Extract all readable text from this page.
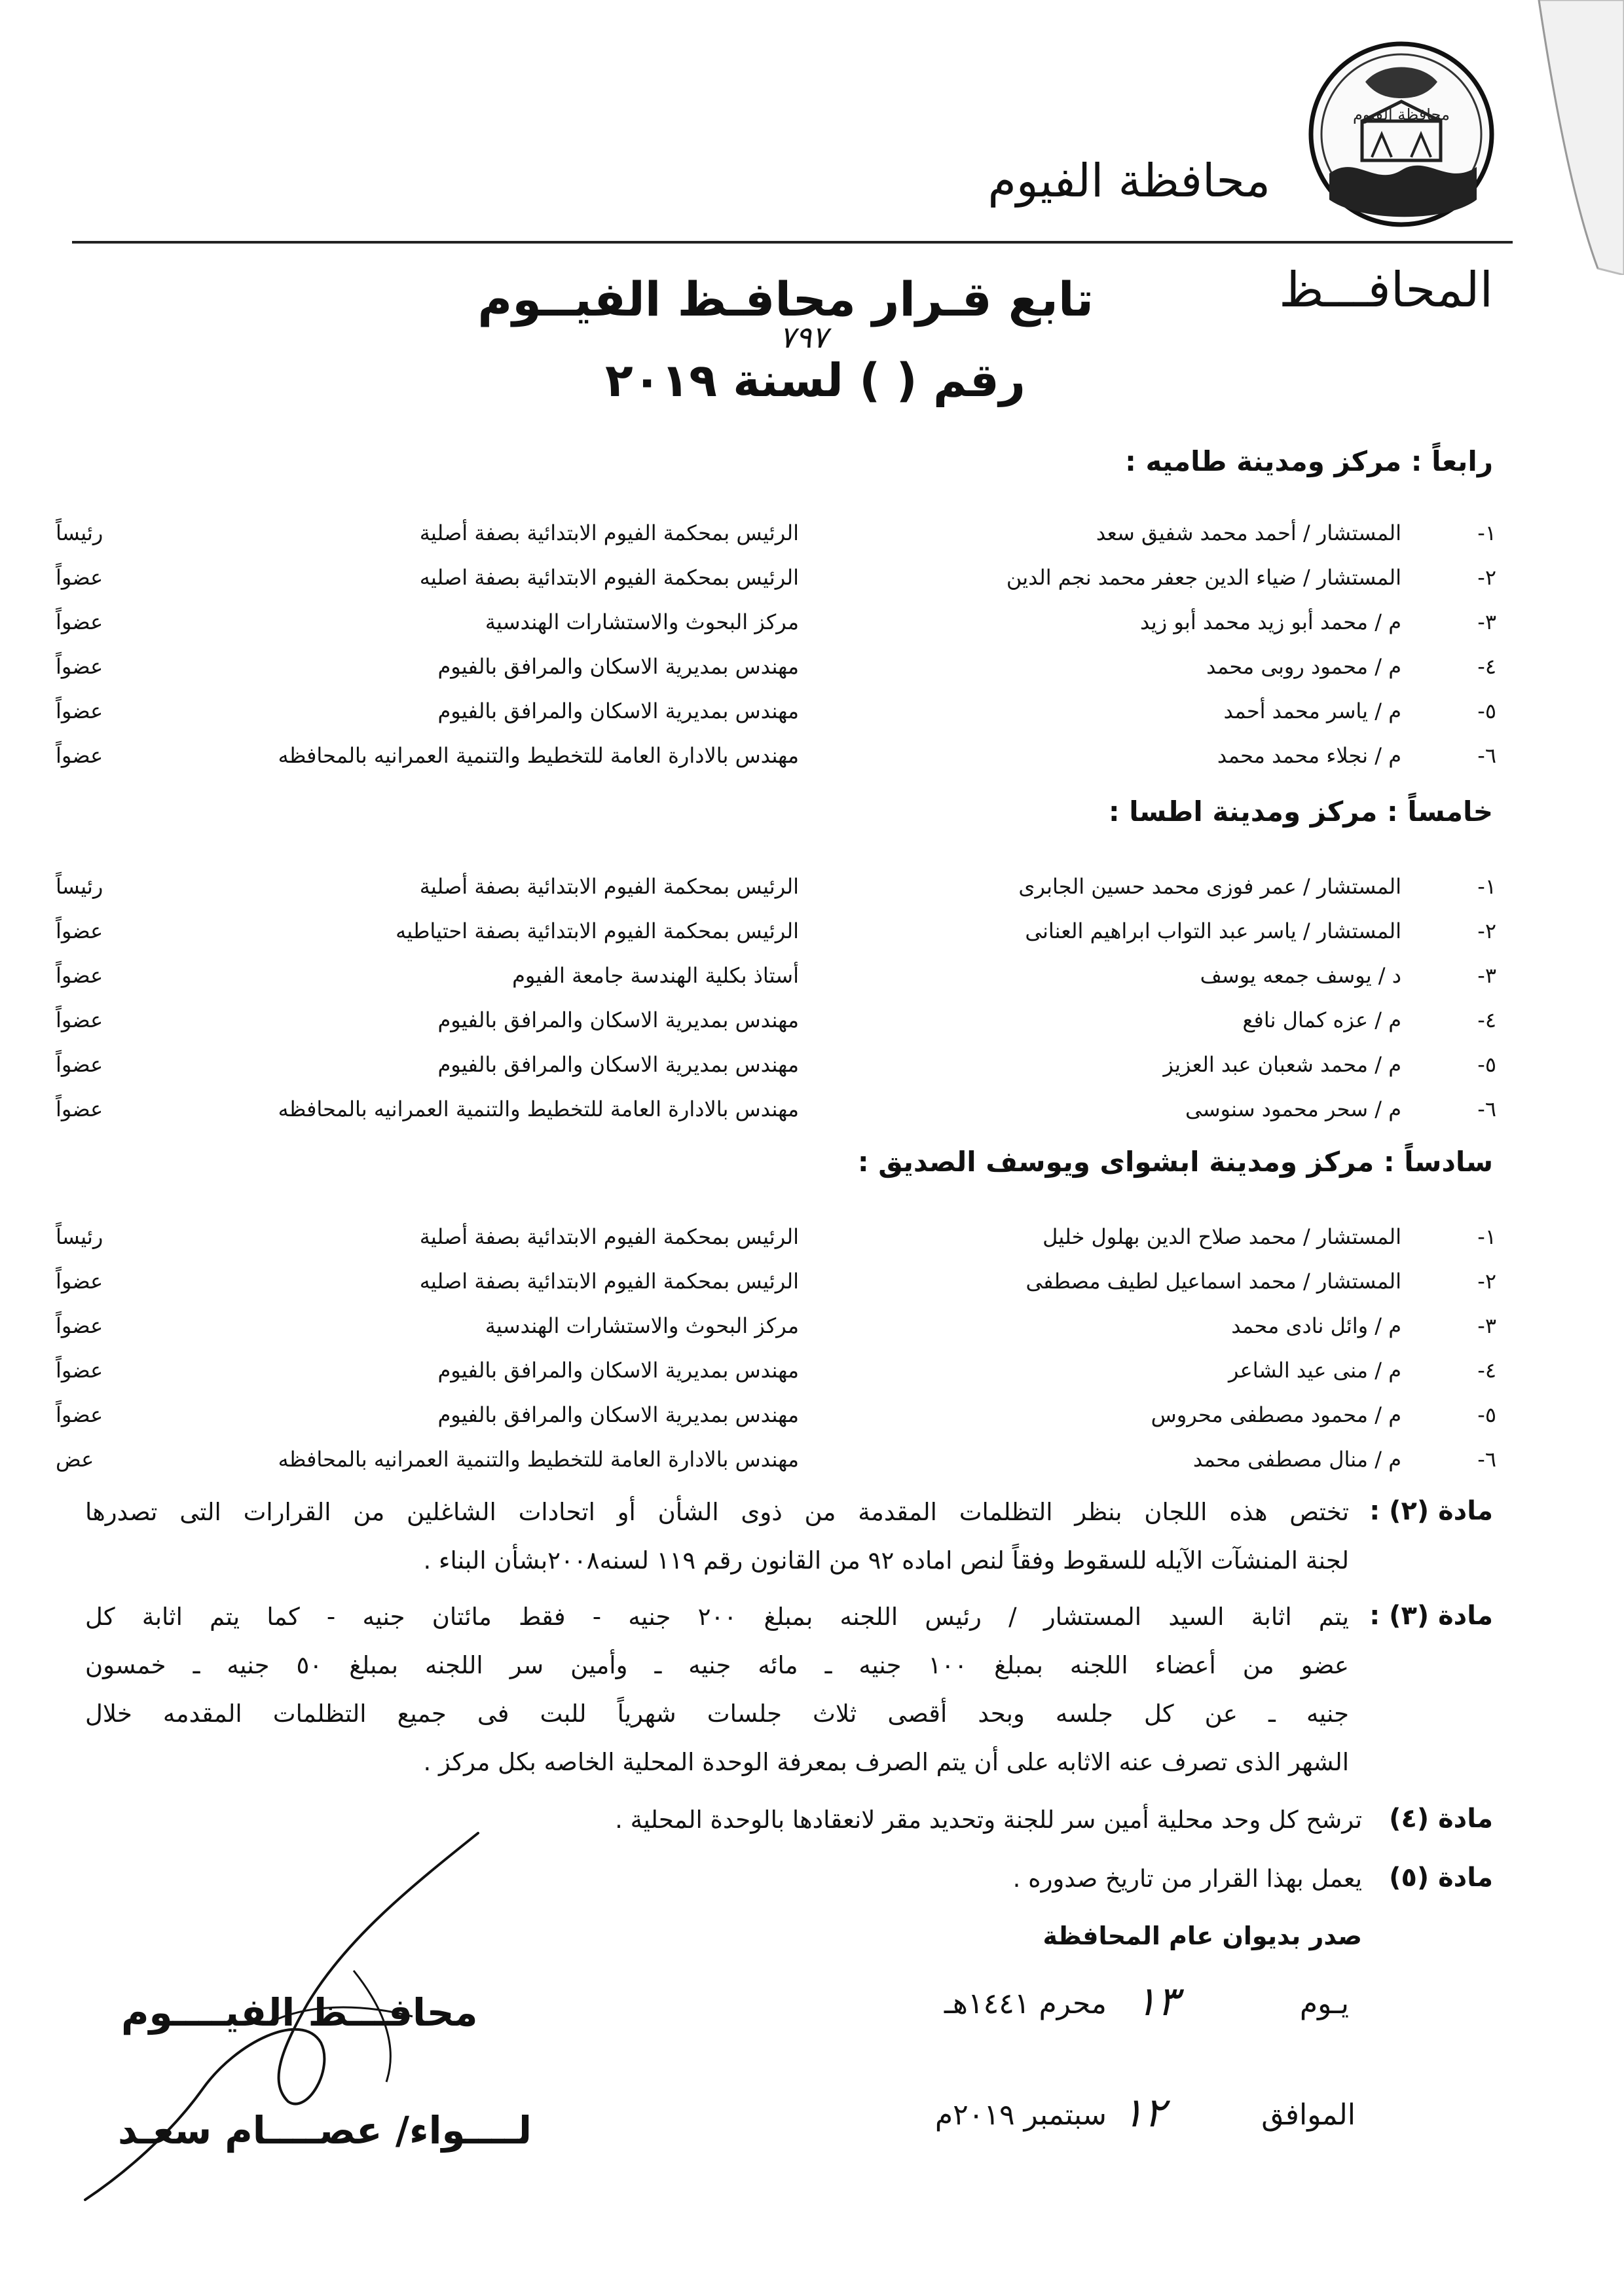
محافظة الفيوم
محافظة الفيوم
المحافـــظ
تابع قـرار محافـظ الفيــوم
٧٩٧
رقم ( ) لسنة ٢٠١٩
رابعاً : مركز ومدينة طاميه :
١-
المستشار / أحمد محمد شفيق سعد
الرئيس بمحكمة الفيوم الابتدائية بصفة أصلية
رئيساً
٢-
المستشار / ضياء الدين جعفر محمد نجم الدين
الرئيس بمحكمة الفيوم الابتدائية بصفة اصليه
عضواً
٣-
م / محمد أبو زيد محمد أبو زيد
مركز البحوث والاستشارات الهندسية
عضواً
٤-
م / محمود روبى محمد
مهندس بمديرية الاسكان والمرافق بالفيوم
عضواً
٥-
م / ياسر محمد أحمد
مهندس بمديرية الاسكان والمرافق بالفيوم
عضواً
٦-
م / نجلاء محمد محمد
مهندس بالادارة العامة للتخطيط والتنمية العمرانيه بالمحافظه
عضواً
خامساً : مركز ومدينة اطسا :
١-
المستشار / عمر فوزى محمد حسين الجابرى
الرئيس بمحكمة الفيوم الابتدائية بصفة أصلية
رئيساً
٢-
المستشار / ياسر عبد التواب ابراهيم العنانى
الرئيس بمحكمة الفيوم الابتدائية بصفة احتياطيه
عضواً
٣-
د / يوسف جمعه يوسف
أستاذ بكلية الهندسة جامعة الفيوم
عضواً
٤-
م / عزه كمال نافع
مهندس بمديرية الاسكان والمرافق بالفيوم
عضواً
٥-
م / محمد شعبان عبد العزيز
مهندس بمديرية الاسكان والمرافق بالفيوم
عضواً
٦-
م / سحر محمود سنوسى
مهندس بالادارة العامة للتخطيط والتنمية العمرانيه بالمحافظه
عضواً
سادساً : مركز ومدينة ابشواى ويوسف الصديق :
١-
المستشار / محمد صلاح الدين بهلول خليل
الرئيس بمحكمة الفيوم الابتدائية بصفة أصلية
رئيساً
٢-
المستشار / محمد اسماعيل لطيف مصطفى
الرئيس بمحكمة الفيوم الابتدائية بصفة اصليه
عضواً
٣-
م / وائل نادى محمد
مركز البحوث والاستشارات الهندسية
عضواً
٤-
م / منى عيد الشاعر
مهندس بمديرية الاسكان والمرافق بالفيوم
عضواً
٥-
م / محمود مصطفى محروس
مهندس بمديرية الاسكان والمرافق بالفيوم
عضواً
٦-
م / منال مصطفى محمد
مهندس بالادارة العامة للتخطيط والتنمية العمرانيه بالمحافظه
عض
مادة (٢) :
تختص هذه اللجان بنظر التظلمات المقدمة من ذوى الشأن أو اتحادات الشاغلين من القرارات التى تصدرها
لجنة المنشآت الآيله للسقوط وفقاً لنص اماده ٩٢ من القانون رقم ١١٩ لسنه٢٠٠٨بشأن البناء .
مادة (٣) :
يتم اثابة السيد المستشار / رئيس اللجنه بمبلغ ٢٠٠ جنيه - فقط مائتان جنيه - كما يتم اثابة كل
عضو من أعضاء اللجنه بمبلغ ١٠٠ جنيه ـ مائه جنيه ـ وأمين سر اللجنه بمبلغ ٥٠ جنيه ـ خمسون
جنيه ـ عن كل جلسه وبحد أقصى ثلاث جلسات شهرياً للبت فى جميع التظلمات المقدمه خلال
الشهر الذى تصرف عنه الاثابه على أن يتم الصرف بمعرفة الوحدة المحلية الخاصه بكل مركز .
مادة (٤)
ترشح كل وحد محلية أمين سر للجنة وتحديد مقر لانعقادها بالوحدة المحلية .
مادة (٥)
يعمل بهذا القرار من تاريخ صدوره .
صدر بديوان عام المحافظة
يـوم
١٣
محرم ١٤٤١هـ
الموافق
١٢
سبتمبر ٢٠١٩م
محافـــظ الفيــــوم
لــــواء/ عصــــام سعـد
